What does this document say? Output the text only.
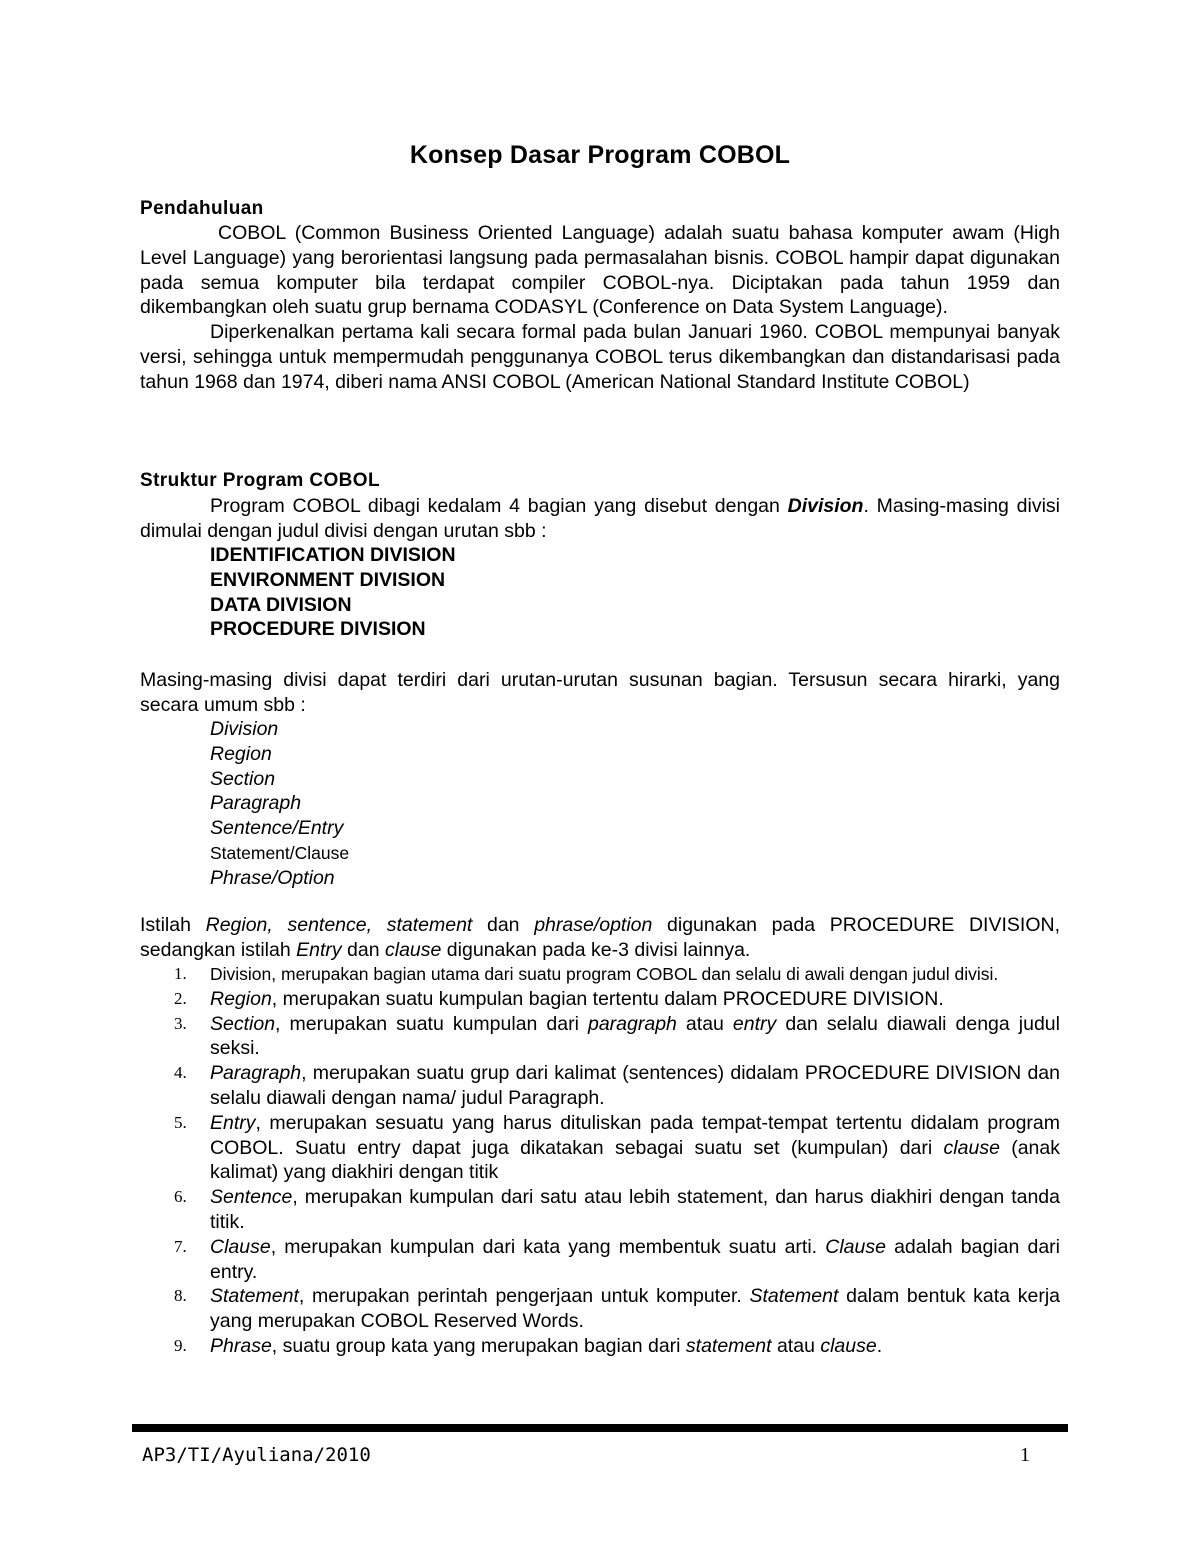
Konsep Dasar Program COBOL
Pendahuluan

COBOL (Common Business Oriented Language) adalah suatu bahasa komputer awam (High Level Language) yang berorientasi langsung pada permasalahan bisnis. COBOL hampir dapat digunakan pada semua komputer bila terdapat compiler COBOL-nya. Diciptakan pada tahun 1959 dan dikembangkan oleh suatu grup bernama CODASYL (Conference on Data System Language).

Diperkenalkan pertama kali secara formal pada bulan Januari 1960. COBOL mempunyai banyak versi, sehingga untuk mempermudah penggunanya COBOL terus dikembangkan dan distandarisasi pada tahun 1968 dan 1974, diberi nama ANSI COBOL (American National Standard Institute COBOL)

Struktur Program COBOL

Program COBOL dibagi kedalam 4 bagian yang disebut dengan Division. Masing-masing divisi dimulai dengan judul divisi dengan urutan sbb :

IDENTIFICATION DIVISION
ENVIRONMENT DIVISION
DATA DIVISION
PROCEDURE DIVISION
Masing-masing divisi dapat terdiri dari urutan-urutan susunan bagian. Tersusun secara hirarki, yang secara umum sbb :
Division
Region
Section
Paragraph
Sentence/Entry
Statement/Clause
Phrase/Option

Istilah Region, sentence, statement dan phrase/option digunakan pada PROCEDURE DIVISION, sedangkan istilah Entry dan clause digunakan pada ke-3 divisi lainnya.

1. Division, merupakan bagian utama dari suatu program COBOL dan selalu di awali dengan judul divisi.
2. Region, merupakan suatu kumpulan bagian tertentu dalam PROCEDURE DIVISION.
3. Section, merupakan suatu kumpulan dari paragraph atau entry dan selalu diawali denga judul seksi.
4. Paragraph, merupakan suatu grup dari kalimat (sentences) didalam PROCEDURE DIVISION dan selalu diawali dengan nama/ judul Paragraph.
5. Entry, merupakan sesuatu yang harus dituliskan pada tempat-tempat tertentu didalam program COBOL. Suatu entry dapat juga dikatakan sebagai suatu set (kumpulan) dari clause (anak kalimat) yang diakhiri dengan titik
6. Sentence, merupakan kumpulan dari satu atau lebih statement, dan harus diakhiri dengan tanda titik.
7. Clause, merupakan kumpulan dari kata yang membentuk suatu arti. Clause adalah bagian dari entry.
8. Statement, merupakan perintah pengerjaan untuk komputer. Statement dalam bentuk kata kerja yang merupakan COBOL Reserved Words.
9. Phrase, suatu group kata yang merupakan bagian dari statement atau clause.
AP3/TI/Ayuliana/2010	1
